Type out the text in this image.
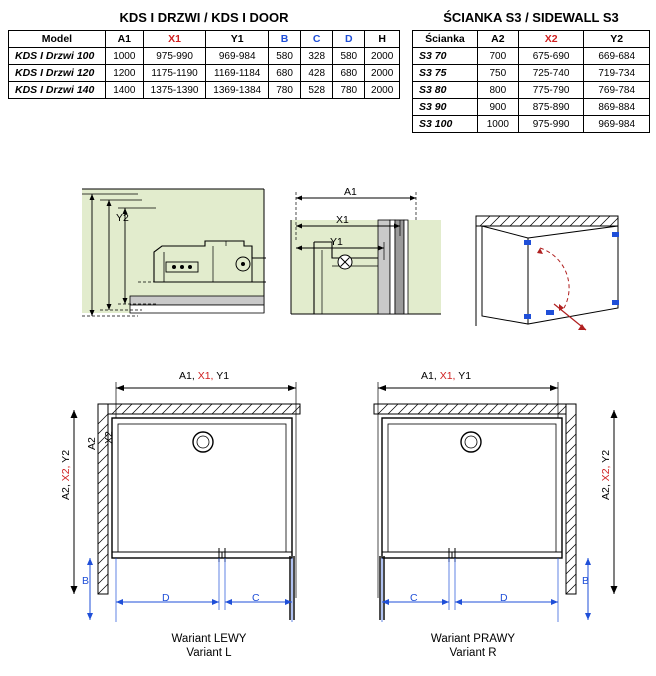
KDS I DRZWI / KDS I DOOR
Model	A1	X1	Y1	B	C	D	H
KDS I Drzwi 100	1000	975-990	969-984	580	328	580	2000
KDS I Drzwi 120	1200	1175-1190	1169-1184	680	428	680	2000
KDS I Drzwi 140	1400	1375-1390	1369-1384	780	528	780	2000
ŚCIANKA S3 / SIDEWALL S3
Ścianka	A2	X2	Y2
S3 70	700	675-690	669-684
S3 75	750	725-740	719-734
S3 80	800	775-790	769-784
S3 90	900	875-890	869-884
S3 100	1000	975-990	969-984
A2 X2
Y2
A1
X1
Y1
A1, X1, Y1
B
D	C
Wariant LEWY
Variant L
A1, X1, Y1
B
C	D
Wariant PRAWY
Variant R
A2, X2, Y2
A2, X2, Y2
